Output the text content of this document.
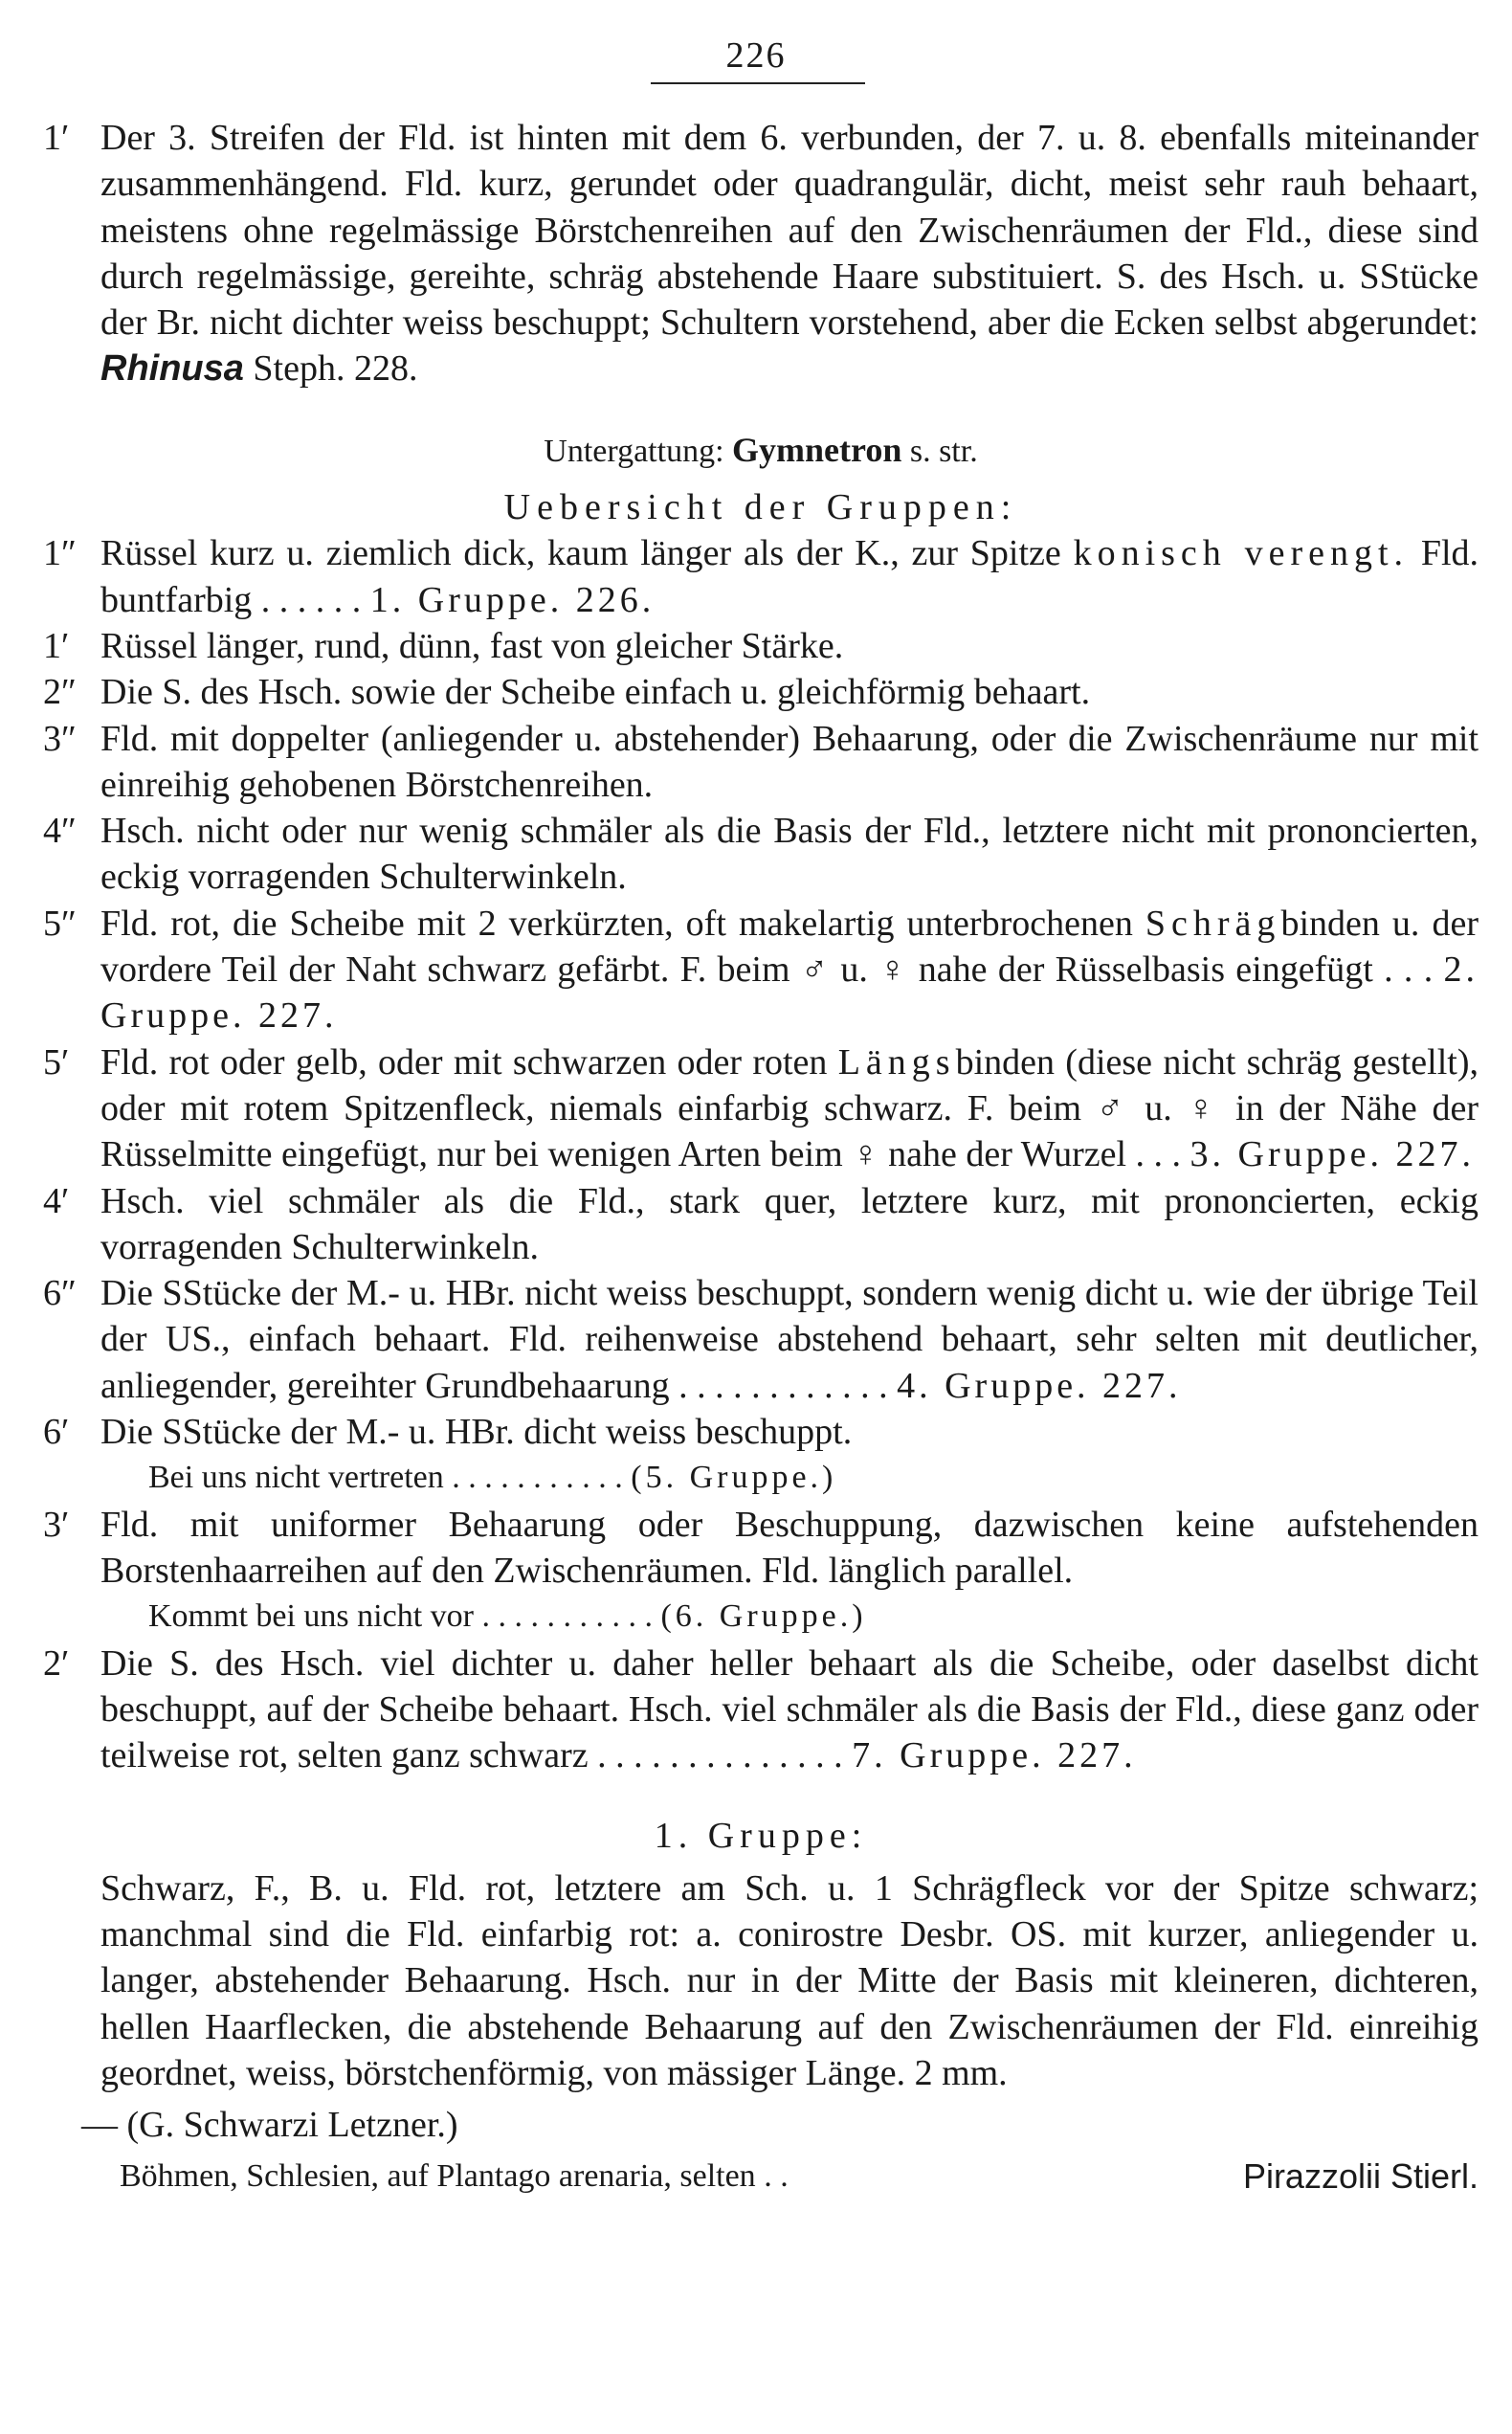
226
1′ Der 3. Streifen der Fld. ist hinten mit dem 6. verbunden, der 7. u. 8. ebenfalls miteinander zusammenhängend. Fld. kurz, gerundet oder quadrangulär, dicht, meist sehr rauh behaart, meistens ohne regelmässige Börstchenreihen auf den Zwischenräumen der Fld., diese sind durch regelmässige, gereihte, schräg abstehende Haare substituiert. S. des Hsch. u. SStücke der Br. nicht dichter weiss beschuppt; Schultern vorstehend, aber die Ecken selbst abgerundet: Rhinusa Steph. 228.
Untergattung: Gymnetron s. str.
Uebersicht der Gruppen:
1″ Rüssel kurz u. ziemlich dick, kaum länger als der K., zur Spitze konisch verengt. Fld. buntfarbig . . . . . . 1. Gruppe. 226.
1′ Rüssel länger, rund, dünn, fast von gleicher Stärke.
2″ Die S. des Hsch. sowie der Scheibe einfach u. gleichförmig behaart.
3″ Fld. mit doppelter (anliegender u. abstehender) Behaarung, oder die Zwischenräume nur mit einreihig gehobenen Börstchenreihen.
4″ Hsch. nicht oder nur wenig schmäler als die Basis der Fld., letztere nicht mit prononcierten, eckig vorragenden Schulterwinkeln.
5″ Fld. rot, die Scheibe mit 2 verkürzten, oft makelartig unterbrochenen Schrägbinden u. der vordere Teil der Naht schwarz gefärbt. F. beim ♂ u. ♀ nahe der Rüsselbasis eingefügt . . . 2. Gruppe. 227.
5′ Fld. rot oder gelb, oder mit schwarzen oder roten Längsbinden (diese nicht schräg gestellt), oder mit rotem Spitzenfleck, niemals einfarbig schwarz. F. beim ♂ u. ♀ in der Nähe der Rüsselmitte eingefügt, nur bei wenigen Arten beim ♀ nahe der Wurzel . . . 3. Gruppe. 227.
4′ Hsch. viel schmäler als die Fld., stark quer, letztere kurz, mit prononcierten, eckig vorragenden Schulterwinkeln.
6″ Die SStücke der M.- u. HBr. nicht weiss beschuppt, sondern wenig dicht u. wie der übrige Teil der US., einfach behaart. Fld. reihenweise abstehend behaart, sehr selten mit deutlicher, anliegender, gereihter Grundbehaarung . . . . . . . . . . . . 4. Gruppe. 227.
6′ Die SStücke der M.- u. HBr. dicht weiss beschuppt.
Bei uns nicht vertreten . . . . . . . . . . . (5. Gruppe.)
3′ Fld. mit uniformer Behaarung oder Beschuppung, dazwischen keine aufstehenden Borstenhaarreihen auf den Zwischenräumen. Fld. länglich parallel.
Kommt bei uns nicht vor . . . . . . . . . . . (6. Gruppe.)
2′ Die S. des Hsch. viel dichter u. daher heller behaart als die Scheibe, oder daselbst dicht beschuppt, auf der Scheibe behaart. Hsch. viel schmäler als die Basis der Fld., diese ganz oder teilweise rot, selten ganz schwarz . . . . . . . . . . . . . . 7. Gruppe. 227.
1. Gruppe:
Schwarz, F., B. u. Fld. rot, letztere am Sch. u. 1 Schrägfleck vor der Spitze schwarz; manchmal sind die Fld. einfarbig rot: a. conirostre Desbr. OS. mit kurzer, anliegender u. langer, abstehender Behaarung. Hsch. nur in der Mitte der Basis mit kleineren, dichteren, hellen Haarflecken, die abstehende Behaarung auf den Zwischenräumen der Fld. einreihig geordnet, weiss, börstchenförmig, von mässiger Länge. 2 mm.
— (G. Schwarzi Letzner.)
Böhmen, Schlesien, auf Plantago arenaria, selten . .	Pirazzolii Stierl.
